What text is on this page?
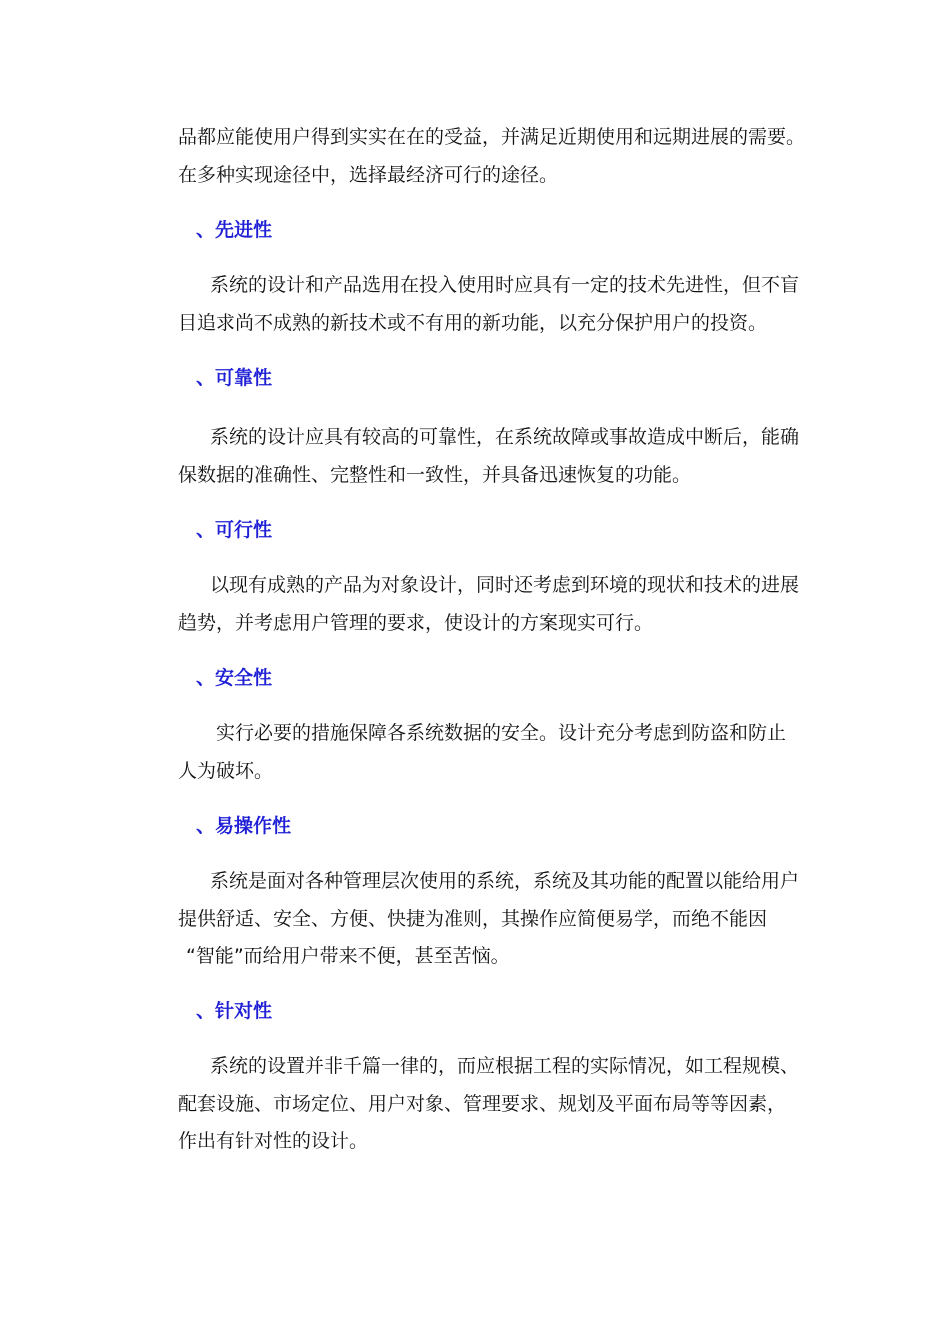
品都应能使用户得到实实在在的受益，并满足近期使用和远期进展的需要。
在多种实现途径中，选择最经济可行的途径。
、先进性
系统的设计和产品选用在投入使用时应具有一定的技术先进性，但不盲
目追求尚不成熟的新技术或不有用的新功能，以充分保护用户的投资。
、可靠性
系统的设计应具有较高的可靠性，在系统故障或事故造成中断后，能确
保数据的准确性、完整性和一致性，并具备迅速恢复的功能。
、可行性
以现有成熟的产品为对象设计，同时还考虑到环境的现状和技术的进展
趋势，并考虑用户管理的要求，使设计的方案现实可行。
、安全性
实行必要的措施保障各系统数据的安全。设计充分考虑到防盗和防止
人为破坏。
、易操作性
系统是面对各种管理层次使用的系统，系统及其功能的配置以能给用户
提供舒适、安全、方便、快捷为准则，其操作应简便易学，而绝不能因
“智能”而给用户带来不便，甚至苦恼。
、针对性
系统的设置并非千篇一律的，而应根据工程的实际情况，如工程规模、
配套设施、市场定位、用户对象、管理要求、规划及平面布局等等因素，
作出有针对性的设计。
